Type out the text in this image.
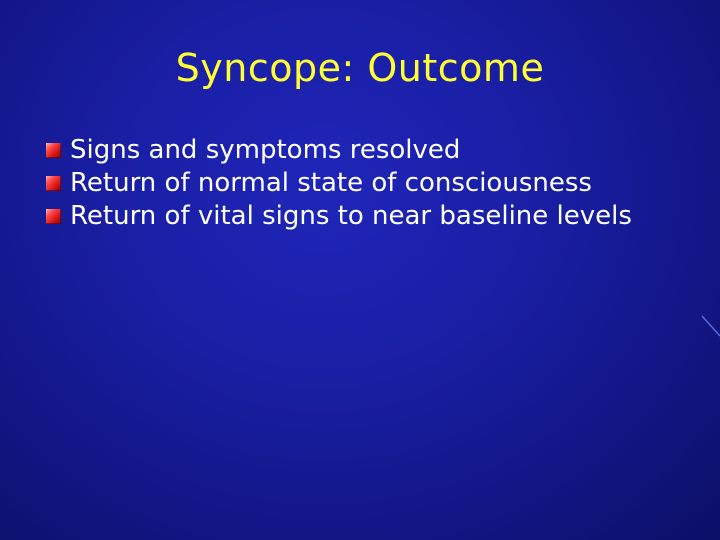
Syncope: Outcome
Signs and symptoms resolved
Return of normal state of consciousness
Return of vital signs to near baseline levels
